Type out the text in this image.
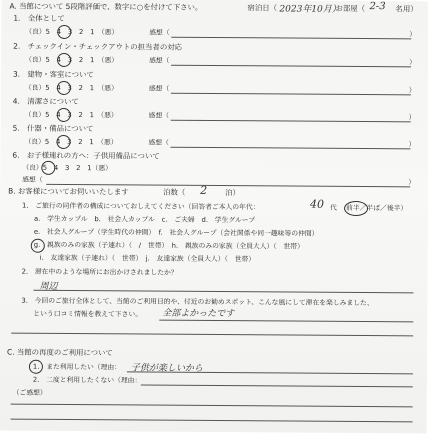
A. 当館について 5段階評価で、数字に○を付けて下さい。	宿泊日（ 2023年10月）
お部屋（ 2-3 名用）
1.　全体として
（良）5　4　3　2　1　（悪）	感想（	）
2.　チェックイン・チェックアウトの担当者の対応
（良）5　4　3　2　1　（悪）	感想（	）
3.　建物・客室について
（良）5　4　3　2　1　（悪）	感想（	）
4.　清潔さについて
（良）5　4　3　2　1　（悪）	感想（	）
5.　什器・備品について
（良）5　4　3　2　1　（悪）	感想（	）
6.　お子様連れの方へ：子供用備品について
（良）5　4　3　2　1（悪）
感想（	）
B. お客様についてお伺いいたします	泊数（ 2 泊）
1.　ご旅行の同伴者の構成についておしえてください（回答者ご本人の年代：	40 代 前半／半ば／後半）
a.　学生カップル　b.　社会人カップル　c.　ご夫婦　d.　学生グループ
e.　社会人グループ（学生時代の仲間）　f.　社会人グループ（会社関係や同一趣味等の仲間）
g.　親族のみの家族（子連れ）（　/　世帯）　h.　親族のみの家族（全員大人）（　世帯）
i.　友達家族（子連れ）（　世帯）　j.　友達家族（全員大人）（　世帯）
2.　滞在中のような場所にお出かけされましたか？
周辺
3.　今回のご旅行全体として、当館のご利用目的や、付近のお勧めスポット、こんな風にして滞在を楽しみました、
という口コミ情報を教えて下さい。 全部よかったです
C. 当館の再度のご利用について
1.　また利用したい（理由： 子供が楽しいから
2.　二度と利用したくない（理由：
（ご感想）
